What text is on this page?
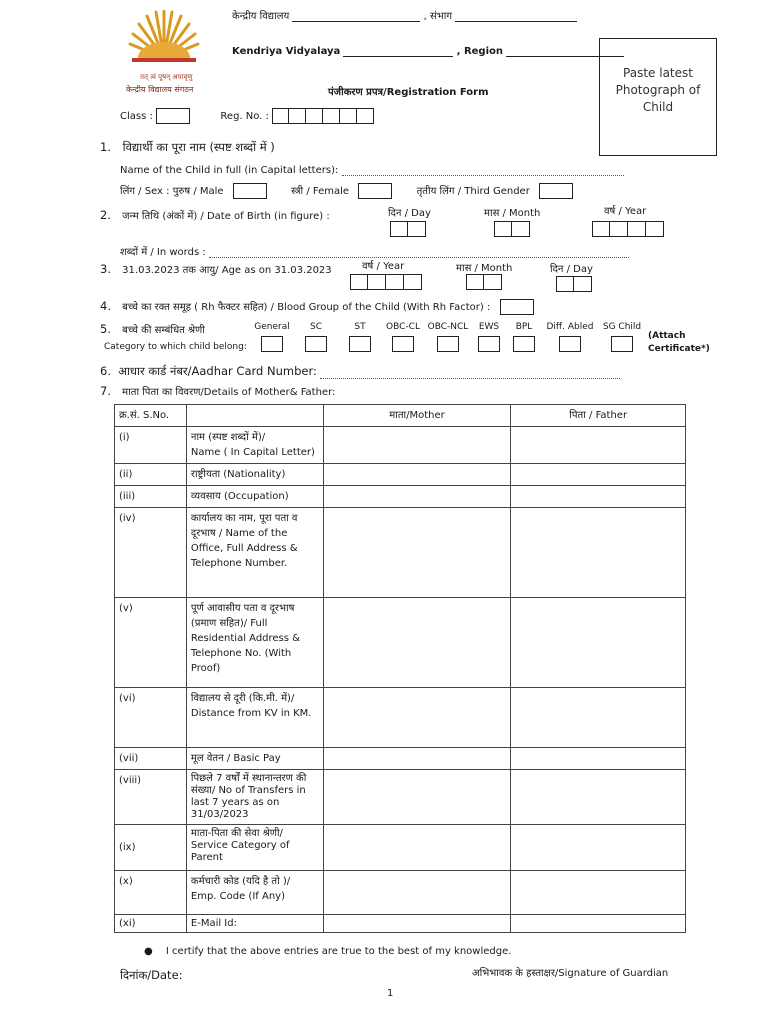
तत् त्वं पूषन् अपावृणु
केन्द्रीय विद्यालय संगठन
केन्द्रीय विद्यालय	, संभाग
Kendriya Vidyalaya	, Region
पंजीकरण प्रपत्र/Registration Form
Paste latest
Photograph of
Child
Class :	Reg. No. :
1. विद्यार्थी का पूरा नाम (स्पष्ट शब्दों में )
Name of the Child in full (in Capital letters):
लिंग / Sex : पुरुष / Male	स्त्री / Female	तृतीय लिंग / Third Gender
2. जन्म तिथि (अंकों में) / Date of Birth (in figure) :	दिन / Day	मास / Month	वर्ष / Year
शब्दों में / In words :
3. 31.03.2023 तक आयु/ Age as on 31.03.2023	वर्ष / Year	मास / Month	दिन / Day
4. बच्चे का रक्त समूह ( Rh फैक्टर सहित) / Blood Group of the Child (With Rh Factor) :
5. बच्चे की सम्बंधित श्रेणी
Category to which child belong:
General	SC	ST	OBC-CL OBC-NCL	EWS	BPL	Diff. Abled	SG Child
(Attach
Certificate*)
6. आधार कार्ड नंबर/Aadhar Card Number:
7. माता पिता का विवरण/Details of Mother& Father:
क्र.सं. S.No.		माता/Mother	पिता / Father
(i)	नाम (स्पष्ट शब्दों में)/
Name ( In Capital Letter)		
(ii)	राष्ट्रीयता (Nationality)		
(iii)	व्यवसाय (Occupation)		
(iv)	कार्यालय का नाम, पूरा पता व दूरभाष / Name of the Office, Full Address & Telephone Number.		
(v)	पूर्ण आवासीय पता व दूरभाष (प्रमाण सहित)/ Full Residential Address & Telephone No. (With Proof)		
(vi)	विद्यालय से दूरी (कि.मी. में)/ Distance from KV in KM.		
(vii)	मूल वेतन / Basic Pay		
(viii)	पिछले 7 वर्षों में स्थानान्तरण की संख्या/ No of Transfers in last 7 years as on 31/03/2023		
(ix)	माता-पिता की सेवा श्रेणी/ Service Category of Parent		
(x)	कर्मचारी कोड (यदि है तो )/ Emp. Code (If Any)		
(xi)	E-Mail Id:		
● I certify that the above entries are true to the best of my knowledge.
दिनांक/Date:	अभिभावक के हस्ताक्षर/Signature of Guardian
1
